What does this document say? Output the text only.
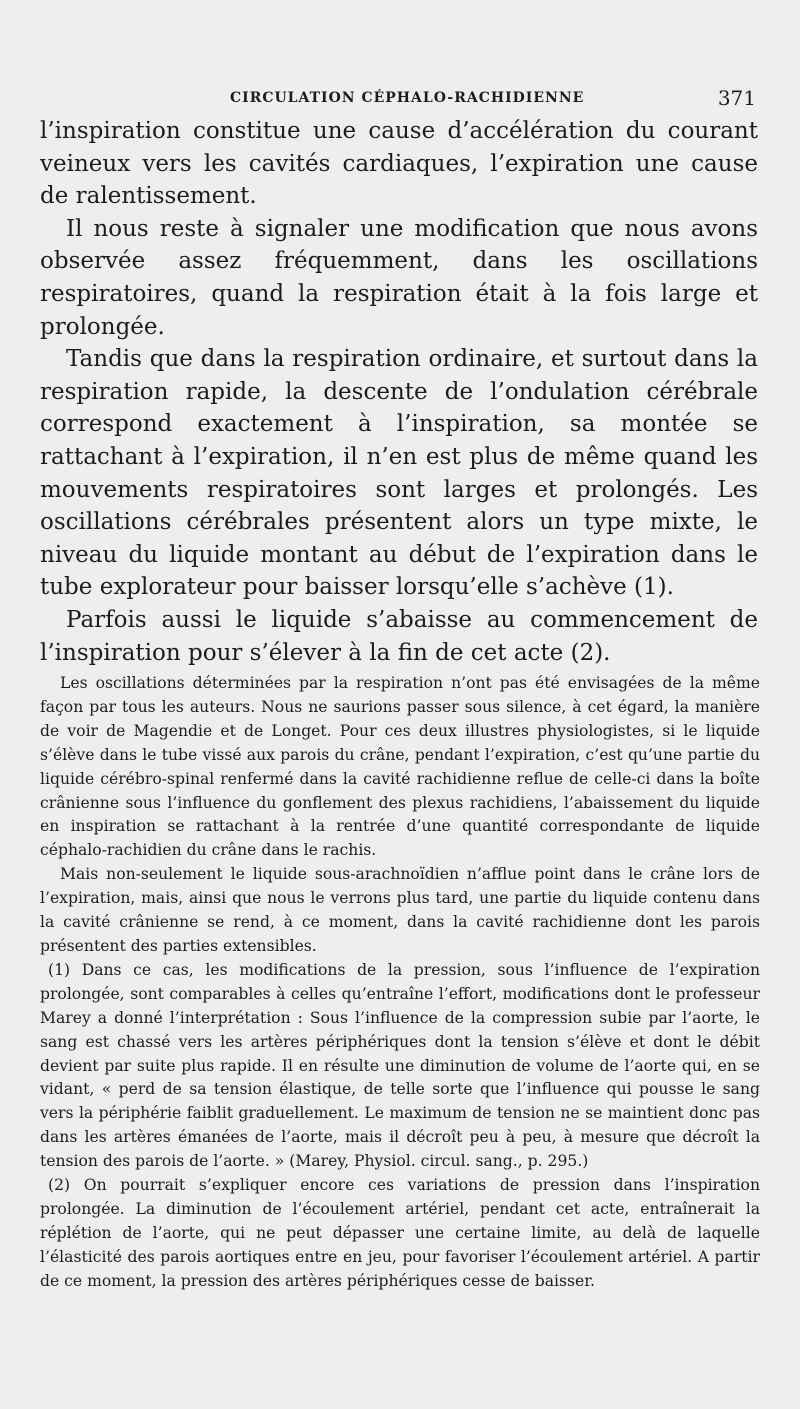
CIRCULATION CÉPHALO-RACHIDIENNE	371

l’inspiration constitue une cause d’accélération du courant veineux vers les cavités cardiaques, l’expiration une cause de ralentissement.

Il nous reste à signaler une modification que nous avons observée assez fréquemment, dans les oscillations respiratoires, quand la respiration était à la fois large et prolongée.

Tandis que dans la respiration ordinaire, et surtout dans la respiration rapide, la descente de l’ondulation cérébrale correspond exactement à l’inspiration, sa montée se rattachant à l’expiration, il n’en est plus de même quand les mouvements respiratoires sont larges et prolongés. Les oscillations cérébrales présentent alors un type mixte, le niveau du liquide montant au début de l’expiration dans le tube explorateur pour baisser lorsqu’elle s’achève (1).

Parfois aussi le liquide s’abaisse au commencement de l’inspiration pour s’élever à la fin de cet acte (2).

Les oscillations déterminées par la respiration n’ont pas été envisagées de la même façon par tous les auteurs. Nous ne saurions passer sous silence, à cet égard, la manière de voir de Magendie et de Longet. Pour ces deux illustres physiologistes, si le liquide s’élève dans le tube vissé aux parois du crâne, pendant l’expiration, c’est qu’une partie du liquide cérébro-spinal renfermé dans la cavité rachidienne reflue de celle-ci dans la boîte crânienne sous l’influence du gonflement des plexus rachidiens, l’abaissement du liquide en inspiration se rattachant à la rentrée d’une quantité correspondante de liquide céphalo-rachidien du crâne dans le rachis.

Mais non-seulement le liquide sous-arachnoïdien n’afflue point dans le crâne lors de l’expiration, mais, ainsi que nous le verrons plus tard, une partie du liquide contenu dans la cavité crânienne se rend, à ce moment, dans la cavité rachidienne dont les parois présentent des parties extensibles.

(1) Dans ce cas, les modifications de la pression, sous l’influence de l’expiration prolongée, sont comparables à celles qu’entraîne l’effort, modifications dont le professeur Marey a donné l’interprétation : Sous l’influence de la compression subie par l’aorte, le sang est chassé vers les artères périphériques dont la tension s’élève et dont le débit devient par suite plus rapide. Il en résulte une diminution de volume de l’aorte qui, en se vidant, « perd de sa tension élastique, de telle sorte que l’influence qui pousse le sang vers la périphérie faiblit graduellement. Le maximum de tension ne se maintient donc pas dans les artères émanées de l’aorte, mais il décroît peu à peu, à mesure que décroît la tension des parois de l’aorte. » (Marey, Physiol. circul. sang., p. 295.)

(2) On pourrait s’expliquer encore ces variations de pression dans l’inspiration prolongée. La diminution de l’écoulement artériel, pendant cet acte, entraînerait la réplétion de l’aorte, qui ne peut dépasser une certaine limite, au delà de laquelle l’élasticité des parois aortiques entre en jeu, pour favoriser l’écoulement artériel. A partir de ce moment, la pression des artères périphériques cesse de baisser.
